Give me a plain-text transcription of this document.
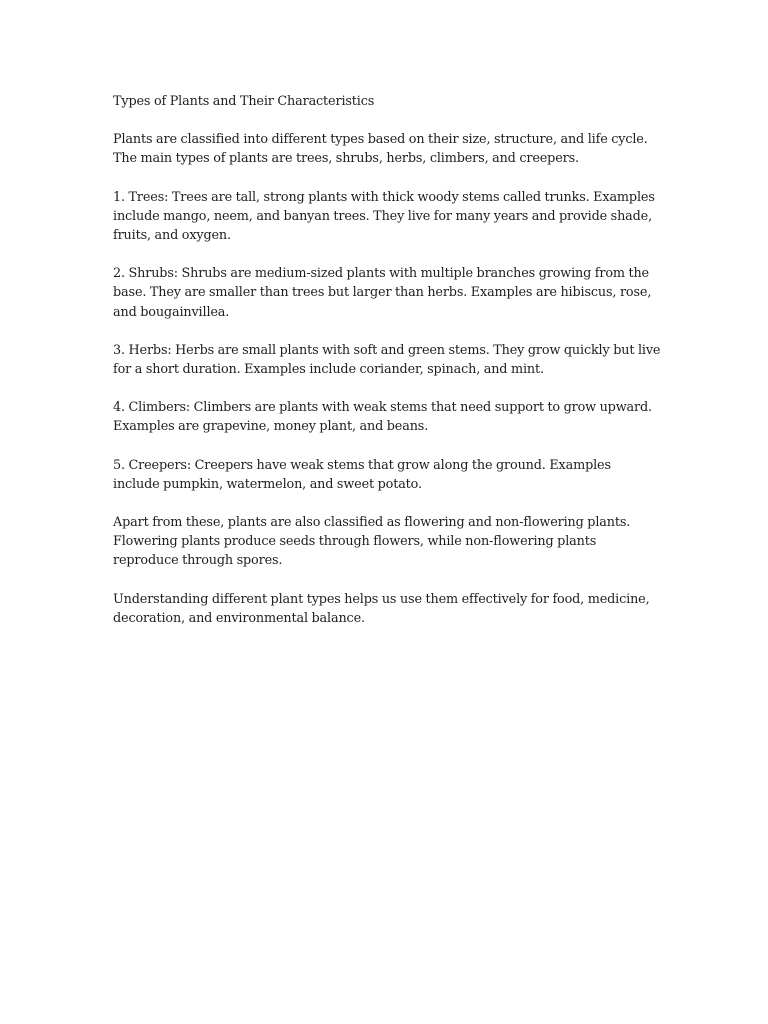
Types of Plants and Their Characteristics

Plants are classified into different types based on their size, structure, and life cycle. The main types of plants are trees, shrubs, herbs, climbers, and creepers.

1. Trees: Trees are tall, strong plants with thick woody stems called trunks. Examples include mango, neem, and banyan trees. They live for many years and provide shade, fruits, and oxygen.

2. Shrubs: Shrubs are medium-sized plants with multiple branches growing from the base. They are smaller than trees but larger than herbs. Examples are hibiscus, rose, and bougainvillea.

3. Herbs: Herbs are small plants with soft and green stems. They grow quickly but live for a short duration. Examples include coriander, spinach, and mint.

4. Climbers: Climbers are plants with weak stems that need support to grow upward. Examples are grapevine, money plant, and beans.

5. Creepers: Creepers have weak stems that grow along the ground. Examples include pumpkin, watermelon, and sweet potato.

Apart from these, plants are also classified as flowering and non-flowering plants. Flowering plants produce seeds through flowers, while non-flowering plants reproduce through spores.

Understanding different plant types helps us use them effectively for food, medicine, decoration, and environmental balance.
